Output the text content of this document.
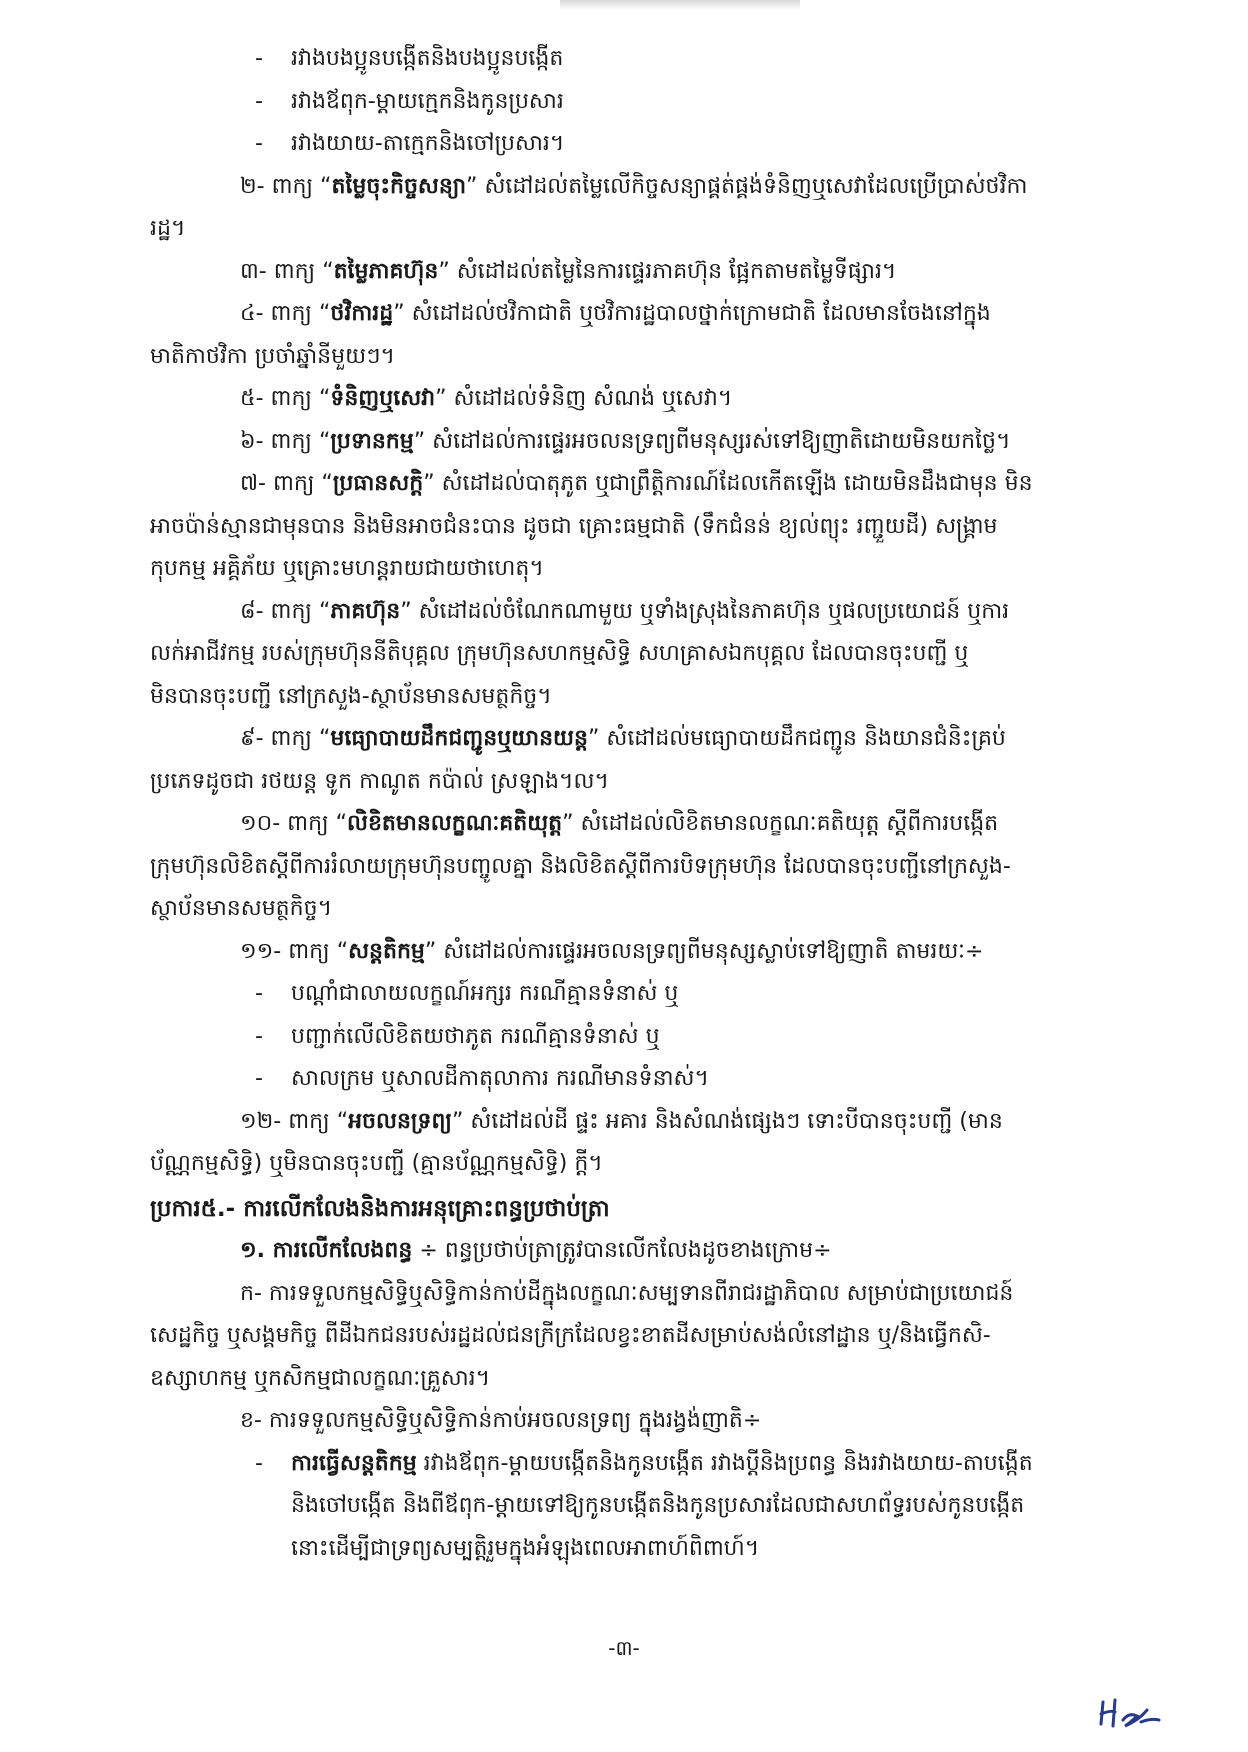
- រវាងបងប្អូនបង្កើតនិងបងប្អូនបង្កើត
- រវាងឪពុក-ម្ដាយក្មេកនិងកូនប្រសារ
- រវាងយាយ-តាក្មេកនិងចៅប្រសារ។
២- ពាក្យ “តម្លៃចុះកិច្ចសន្យា” សំដៅដល់តម្លៃលើកិច្ចសន្យាផ្គត់ផ្គង់ទំនិញឬសេវាដែលប្រើប្រាស់ថវិកា
រដ្ឋ។
៣- ពាក្យ “តម្លៃភាគហ៊ុន” សំដៅដល់តម្លៃនៃការផ្ទេរភាគហ៊ុន ផ្អែកតាមតម្លៃទីផ្សារ។
៤- ពាក្យ “ថវិការដ្ឋ” សំដៅដល់ថវិកាជាតិ ឬថវិការដ្ឋបាលថ្នាក់ក្រោមជាតិ ដែលមានចែងនៅក្នុង
មាតិកាថវិកា ប្រចាំឆ្នាំនីមួយៗ។
៥- ពាក្យ “ទំនិញឬសេវា” សំដៅដល់ទំនិញ សំណង់ ឬសេវា។
៦- ពាក្យ “ប្រទានកម្ម” សំដៅដល់ការផ្ទេរអចលនទ្រព្យពីមនុស្សរស់ទៅឱ្យញាតិដោយមិនយកថ្លៃ។
៧- ពាក្យ “ប្រធានសក្តិ” សំដៅដល់បាតុភូត ឬជាព្រឹត្តិការណ៍ដែលកើតឡើង ដោយមិនដឹងជាមុន មិន
អាចប៉ាន់ស្មានជាមុនបាន និងមិនអាចជំនះបាន ដូចជា គ្រោះធម្មជាតិ (ទឹកជំនន់ ខ្យល់ព្យុះ រញ្ជួយដី) សង្គ្រាម
កុបកម្ម អគ្គិភ័យ ឬគ្រោះមហន្តរាយជាយថាហេតុ។
៨- ពាក្យ “ភាគហ៊ុន” សំដៅដល់ចំណែកណាមួយ ឬទាំងស្រុងនៃភាគហ៊ុន ឬផលប្រយោជន៍ ឬការ
លក់អាជីវកម្ម របស់ក្រុមហ៊ុននីតិបុគ្គល ក្រុមហ៊ុនសហកម្មសិទ្ធិ សហគ្រាសឯកបុគ្គល ដែលបានចុះបញ្ជី ឬ
មិនបានចុះបញ្ជី នៅក្រសួង-ស្ថាប័នមានសមត្ថកិច្ច។
៩- ពាក្យ “មធ្យោបាយដឹកជញ្ជូនឬយានយន្ត” សំដៅដល់មធ្យោបាយដឹកជញ្ជូន និងយានជំនិះគ្រប់
ប្រភេទដូចជា រថយន្ត ទូក កាណូត កប៉ាល់ ស្រឡាង។ល។
១០- ពាក្យ “លិខិតមានលក្ខណៈគតិយុត្ត” សំដៅដល់លិខិតមានលក្ខណៈគតិយុត្ត ស្ដីពីការបង្កើត
ក្រុមហ៊ុនលិខិតស្ដីពីការរំលាយក្រុមហ៊ុនបញ្ចូលគ្នា និងលិខិតស្ដីពីការបិទក្រុមហ៊ុន ដែលបានចុះបញ្ជីនៅក្រសួង-
ស្ថាប័នមានសមត្ថកិច្ច។
១១- ពាក្យ “សន្តតិកម្ម” សំដៅដល់ការផ្ទេរអចលនទ្រព្យពីមនុស្សស្លាប់ទៅឱ្យញាតិ តាមរយៈ÷
- បណ្ដាំជាលាយលក្ខណ៍អក្សរ ករណីគ្មានទំនាស់ ឬ
- បញ្ជាក់លើលិខិតយថាភូត ករណីគ្មានទំនាស់ ឬ
- សាលក្រម ឬសាលដីកាតុលាការ ករណីមានទំនាស់។
១២- ពាក្យ “អចលនទ្រព្យ” សំដៅដល់ដី ផ្ទះ អគារ និងសំណង់ផ្សេងៗ ទោះបីបានចុះបញ្ជី (មាន
ប័ណ្ណកម្មសិទ្ធិ) ឬមិនបានចុះបញ្ជី (គ្មានប័ណ្ណកម្មសិទ្ធិ) ក្ដី។
ប្រការ៥.- ការលើកលែងនិងការអនុគ្រោះពន្ធប្រថាប់ត្រា
១. ការលើកលែងពន្ធ ÷ ពន្ធប្រថាប់ត្រាត្រូវបានលើកលែងដូចខាងក្រោម÷
ក- ការទទួលកម្មសិទ្ធិឬសិទ្ធិកាន់កាប់ដីក្នុងលក្ខណៈសម្បទានពីរាជរដ្ឋាភិបាល សម្រាប់ជាប្រយោជន៍
សេដ្ឋកិច្ច ឬសង្គមកិច្ច ពីដីឯកជនរបស់រដ្ឋដល់ជនក្រីក្រដែលខ្វះខាតដីសម្រាប់សង់លំនៅដ្ឋាន ឬ/និងធ្វើកសិ-
ឧស្សាហកម្ម ឬកសិកម្មជាលក្ខណៈគ្រួសារ។
ខ- ការទទួលកម្មសិទ្ធិឬសិទ្ធិកាន់កាប់អចលនទ្រព្យ ក្នុងរង្វង់ញាតិ÷
- ការធ្វើសន្តតិកម្ម រវាងឪពុក-ម្ដាយបង្កើតនិងកូនបង្កើត រវាងប្ដីនិងប្រពន្ធ និងរវាងយាយ-តាបង្កើត
និងចៅបង្កើត និងពីឪពុក-ម្ដាយទៅឱ្យកូនបង្កើតនិងកូនប្រសារដែលជាសហព័ទ្ធរបស់កូនបង្កើត
នោះដើម្បីជាទ្រព្យសម្បត្តិរួមក្នុងអំឡុងពេលអាពាហ៍ពិពាហ៍។
-៣-
